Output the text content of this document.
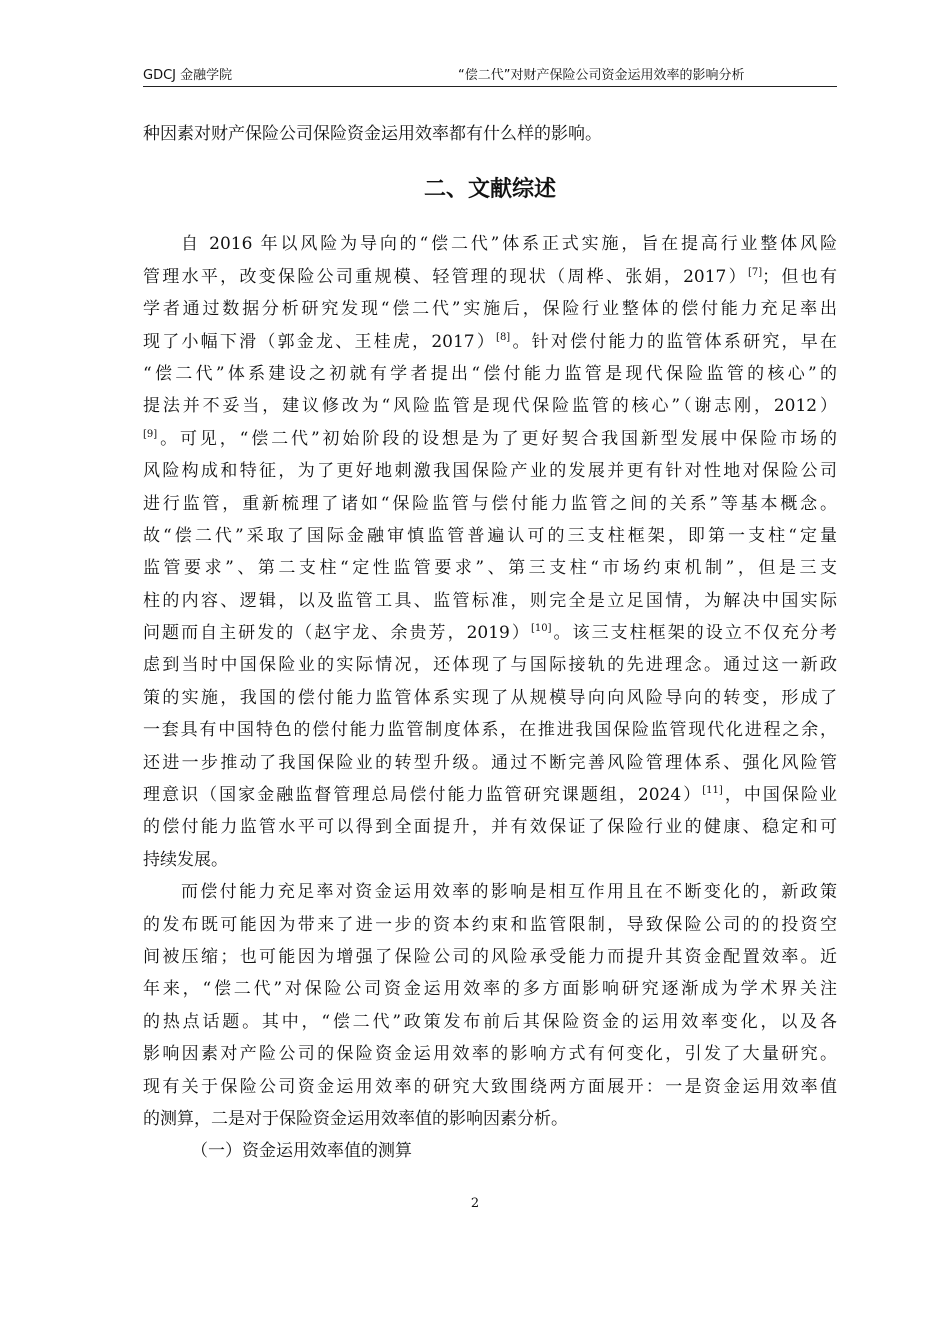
GDCJ 金融学院	“偿二代”对财产保险公司资金运用效率的影响分析
种因素对财产保险公司保险资金运用效率都有什么样的影响。
二、文献综述
自 2016 年以风险为导向的“偿二代”体系正式实施，旨在提高行业整体风险
管理水平，改变保险公司重规模、轻管理的现状（周桦、张娟，2017）[7]；但也有
学者通过数据分析研究发现“偿二代”实施后，保险行业整体的偿付能力充足率出
现了小幅下滑（郭金龙、王桂虎，2017）[8]。针对偿付能力的监管体系研究，早在
“偿二代”体系建设之初就有学者提出“偿付能力监管是现代保险监管的核心”的
提法并不妥当，建议修改为“风险监管是现代保险监管的核心”（谢志刚，2012）
[9]。可见，“偿二代”初始阶段的设想是为了更好契合我国新型发展中保险市场的
风险构成和特征，为了更好地刺激我国保险产业的发展并更有针对性地对保险公司
进行监管，重新梳理了诸如“保险监管与偿付能力监管之间的关系”等基本概念。
故“偿二代”采取了国际金融审慎监管普遍认可的三支柱框架，即第一支柱“定量
监管要求”、第二支柱“定性监管要求”、第三支柱“市场约束机制”，但是三支
柱的内容、逻辑，以及监管工具、监管标准，则完全是立足国情，为解决中国实际
问题而自主研发的（赵宇龙、余贵芳，2019）[10]。该三支柱框架的设立不仅充分考
虑到当时中国保险业的实际情况，还体现了与国际接轨的先进理念。通过这一新政
策的实施，我国的偿付能力监管体系实现了从规模导向向风险导向的转变，形成了
一套具有中国特色的偿付能力监管制度体系，在推进我国保险监管现代化进程之余，
还进一步推动了我国保险业的转型升级。通过不断完善风险管理体系、强化风险管
理意识（国家金融监督管理总局偿付能力监管研究课题组，2024）[11]，中国保险业
的偿付能力监管水平可以得到全面提升，并有效保证了保险行业的健康、稳定和可
持续发展。
而偿付能力充足率对资金运用效率的影响是相互作用且在不断变化的，新政策
的发布既可能因为带来了进一步的资本约束和监管限制，导致保险公司的的投资空
间被压缩；也可能因为增强了保险公司的风险承受能力而提升其资金配置效率。近
年来，“偿二代”对保险公司资金运用效率的多方面影响研究逐渐成为学术界关注
的热点话题。其中，“偿二代”政策发布前后其保险资金的运用效率变化，以及各
影响因素对产险公司的保险资金运用效率的影响方式有何变化，引发了大量研究。
现有关于保险公司资金运用效率的研究大致围绕两方面展开：一是资金运用效率值
的测算，二是对于保险资金运用效率值的影响因素分析。
（一）资金运用效率值的测算
2
